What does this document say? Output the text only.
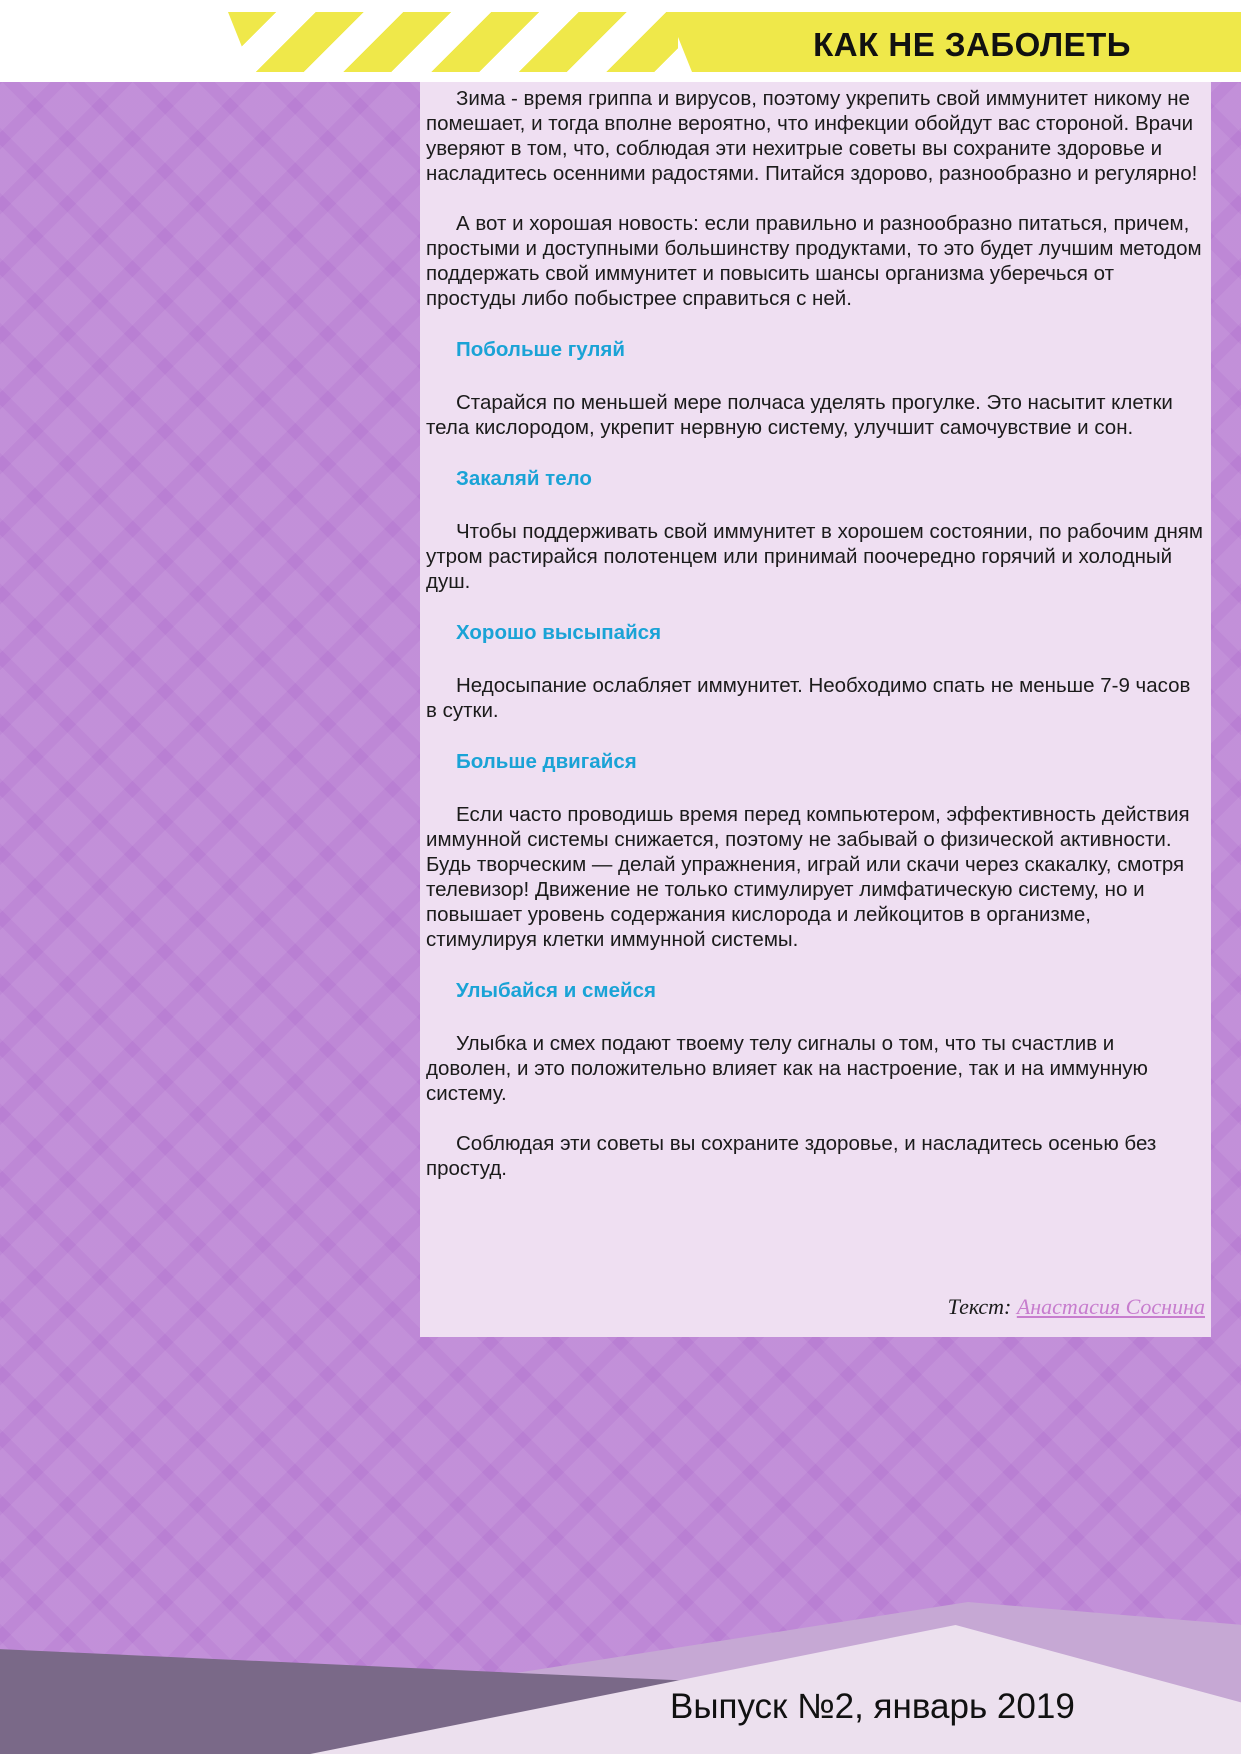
КАК НЕ ЗАБОЛЕТЬ

Зима - время гриппа и вирусов, поэтому укрепить свой иммунитет никому не помешает, и тогда вполне вероятно, что инфекции обойдут вас стороной. Врачи уверяют в том, что, соблюдая эти нехитрые советы вы сохраните здоровье и насладитесь осенними радостями. Питайся здорово, разнообразно и регулярно!

А вот и хорошая новость: если правильно и разнообразно питаться, причем, простыми и доступными большинству продуктами, то это будет лучшим методом поддержать свой иммунитет и повысить шансы организма уберечься от простуды либо побыстрее справиться с ней.

Побольше гуляй

Старайся по меньшей мере полчаса уделять прогулке. Это насытит клетки тела кислородом, укрепит нервную систему, улучшит самочувствие и сон.

Закаляй тело

Чтобы поддерживать свой иммунитет в хорошем состоянии, по рабочим дням утром растирайся полотенцем или принимай поочередно горячий и холодный душ.

Хорошо высыпайся

Недосыпание ослабляет иммунитет. Необходимо спать не меньше 7-9 часов в сутки.

Больше двигайся

Если часто проводишь время перед компьютером, эффективность действия иммунной системы снижается, поэтому не забывай о физической активности. Будь творческим — делай упражнения, играй или скачи через скакалку, смотря телевизор! Движение не только стимулирует лимфатическую систему, но и повышает уровень содержания кислорода и лейкоцитов в организме, стимулируя клетки иммунной системы.

Улыбайся и смейся

Улыбка и смех подают твоему телу сигналы о том, что ты счастлив и доволен, и это положительно влияет как на настроение, так и на иммунную систему.

Соблюдая эти советы вы сохраните здоровье, и насладитесь осенью без простуд.

Текст: Анастасия Соснина

Выпуск №2, январь 2019
